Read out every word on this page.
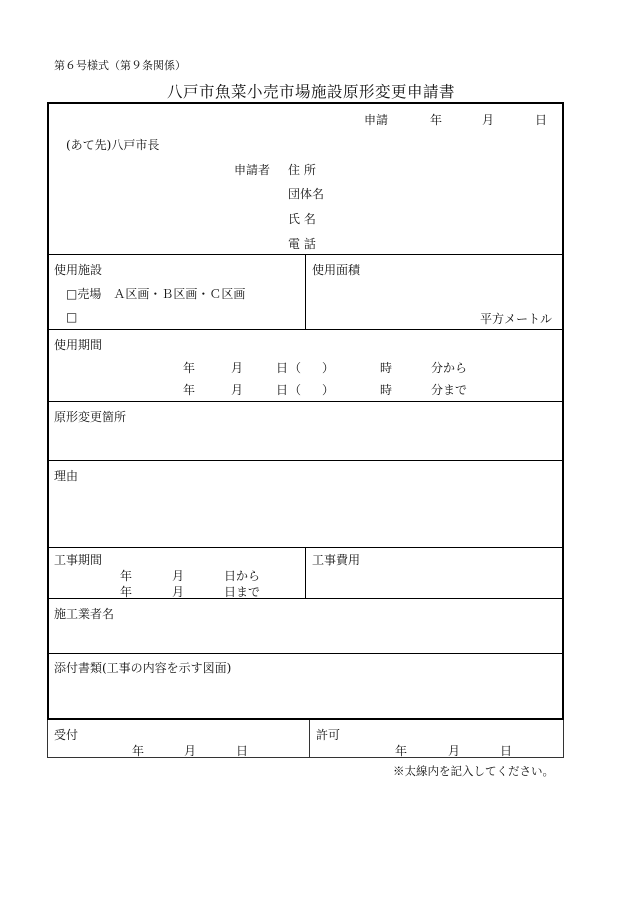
第６号様式（第９条関係）
八戸市魚菜小売市場施設原形変更申請書
申請	年	月	日
(あて先)八戸市長
申請者 住 所
団体名
氏 名
電 話
使用施設
□売場　Ａ区画・Ｂ区画・Ｃ区画
□
使用面積
平方メートル
使用期間
年	月	日 （ ）	時	分から
年	月	日 （ ）	時	分まで
原形変更箇所
理由
工事期間
年	月	日から
年	月	日まで
工事費用
施工業者名
添付書類(工事の内容を示す図面)
受付
年	月	日
許可
年	月	日
※太線内を記入してください。
